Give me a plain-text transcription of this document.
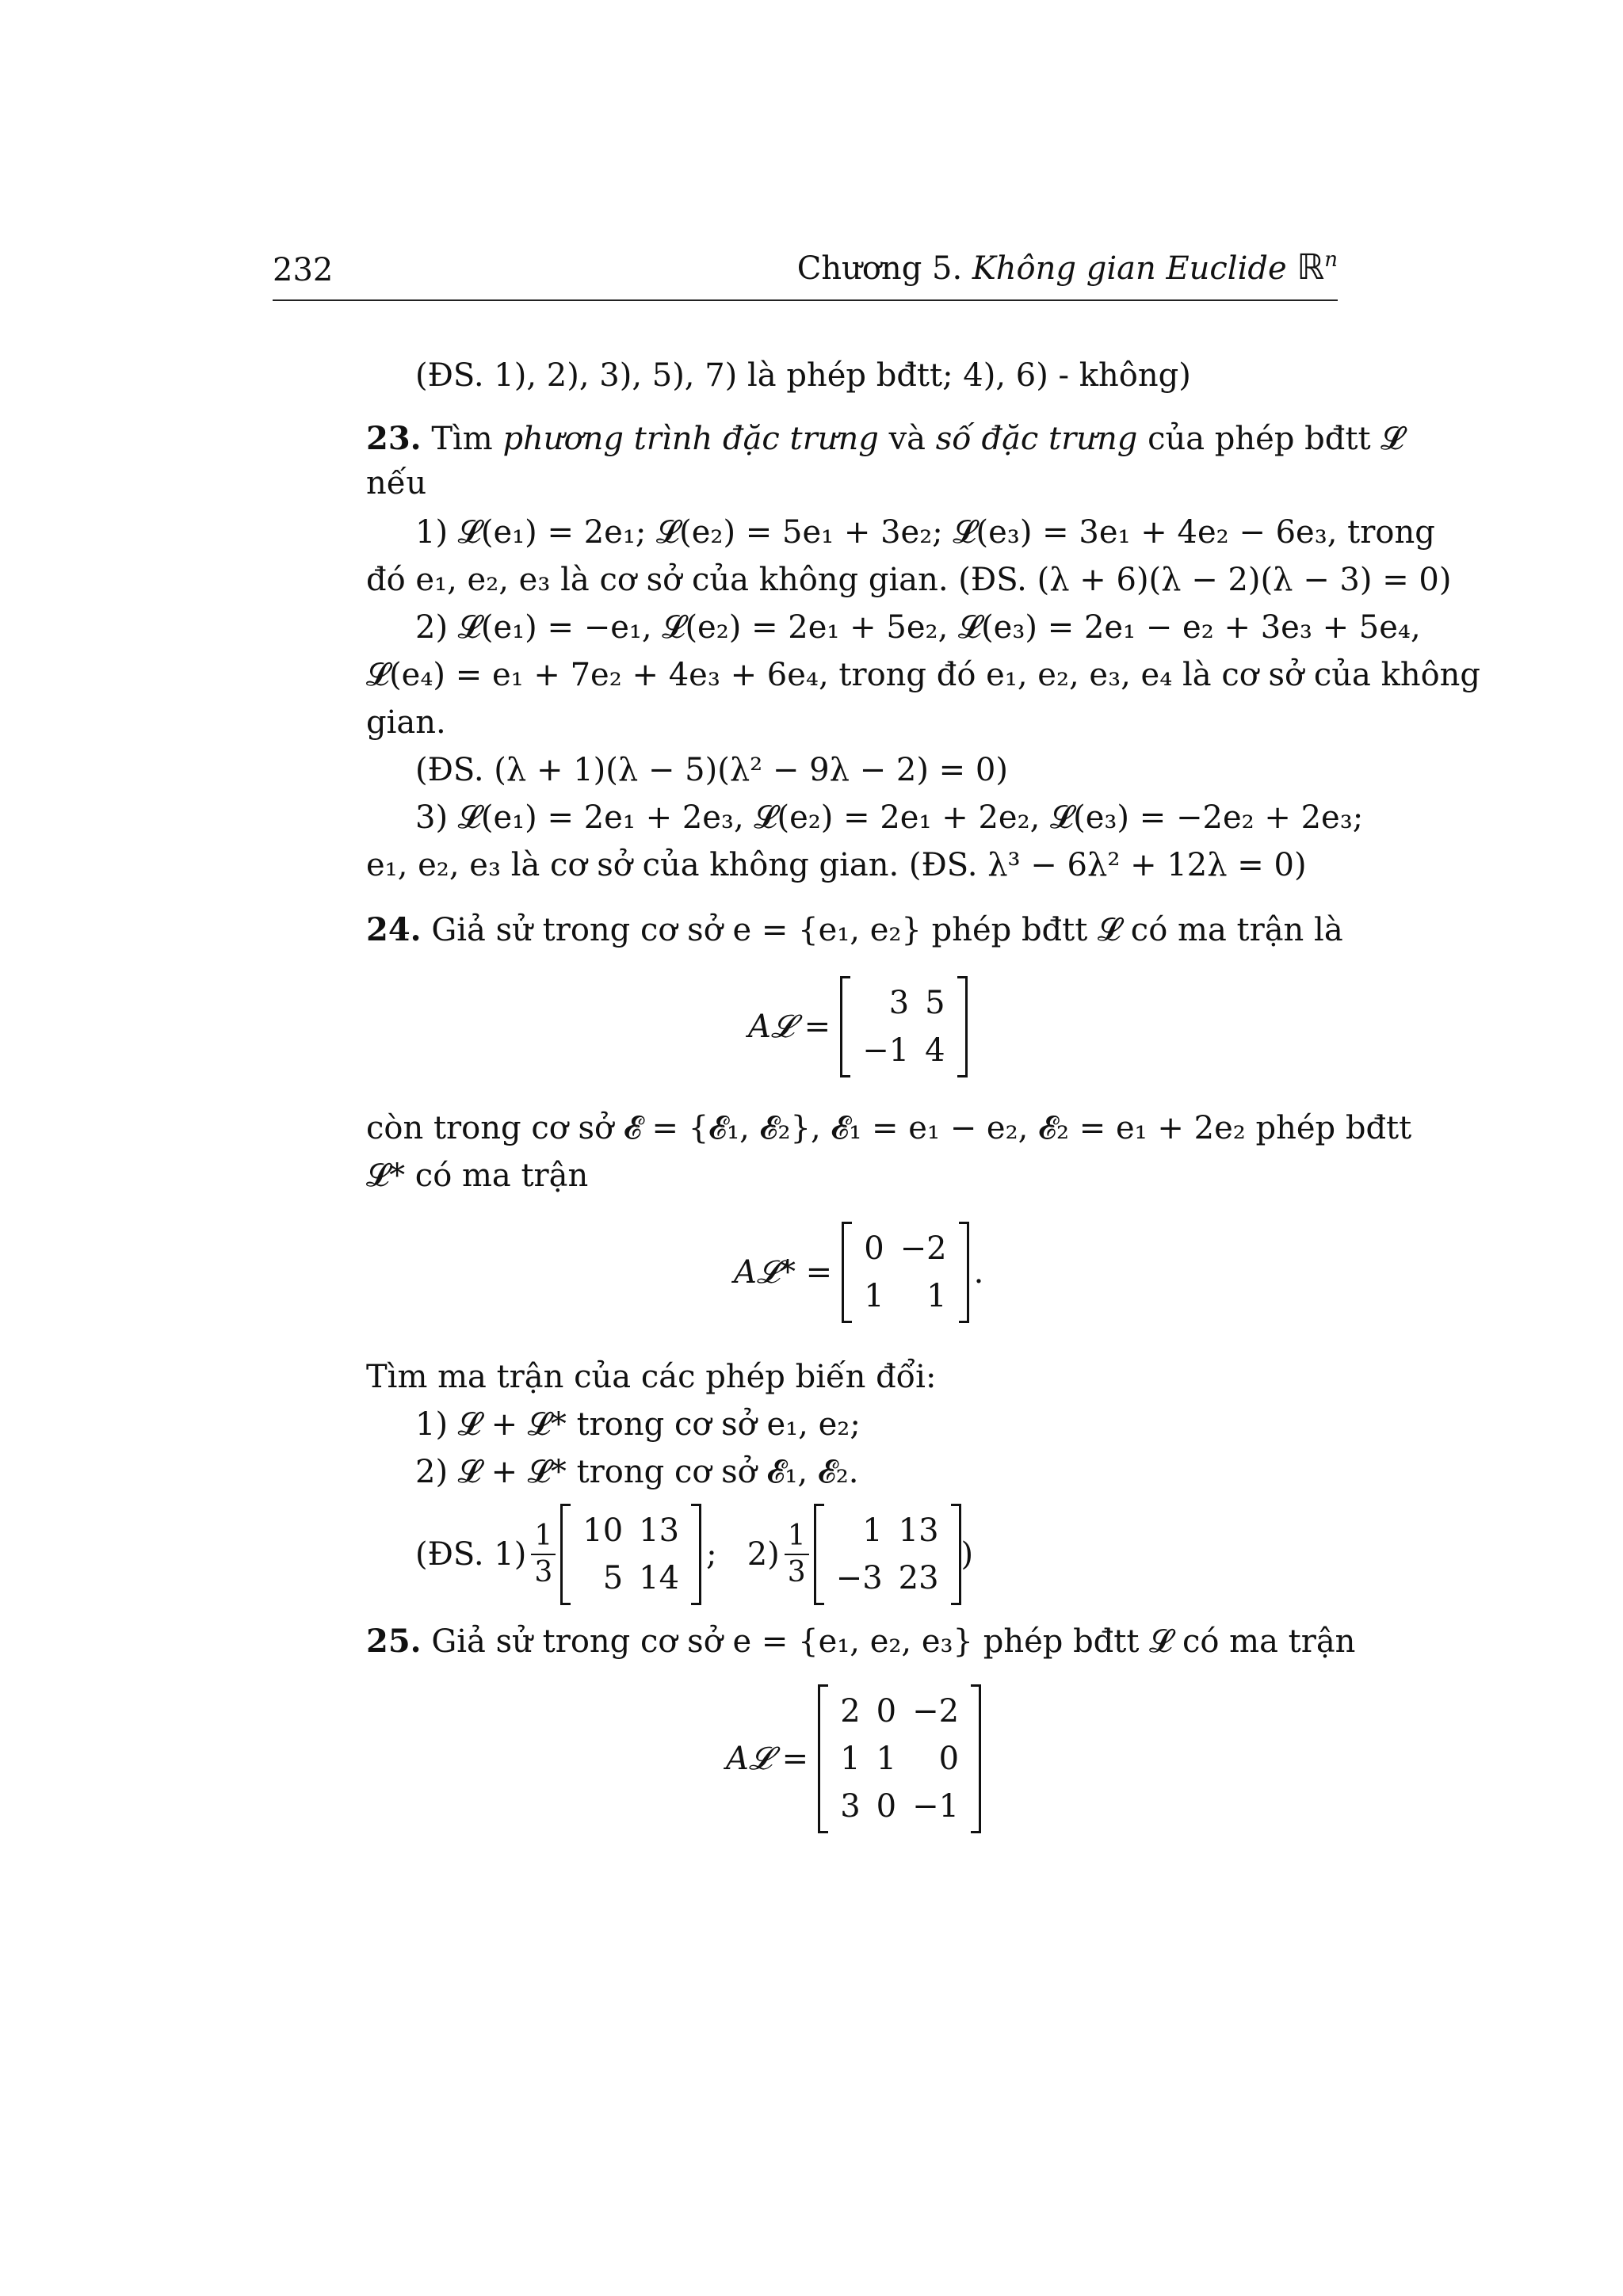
232	Chương 5. Không gian Euclide ℝ$^n$
(ĐS. 1), 2), 3), 5), 7) là phép bđtt; 4), 6) - không)
23. Tìm phương trình đặc trưng và số đặc trưng của phép bđtt 𝓛
nếu
1) 𝓛(e₁) = 2e₁; 𝓛(e₂) = 5e₁ + 3e₂; 𝓛(e₃) = 3e₁ + 4e₂ − 6e₃, trong
đó e₁, e₂, e₃ là cơ sở của không gian. (ĐS. (λ + 6)(λ − 2)(λ − 3) = 0)
2) 𝓛(e₁) = −e₁, 𝓛(e₂) = 2e₁ + 5e₂, 𝓛(e₃) = 2e₁ − e₂ + 3e₃ + 5e₄,
𝓛(e₄) = e₁ + 7e₂ + 4e₃ + 6e₄, trong đó e₁, e₂, e₃, e₄ là cơ sở của không
gian.
(ĐS. (λ + 1)(λ − 5)(λ² − 9λ − 2) = 0)
3) 𝓛(e₁) = 2e₁ + 2e₃, 𝓛(e₂) = 2e₁ + 2e₂, 𝓛(e₃) = −2e₂ + 2e₃;
e₁, e₂, e₃ là cơ sở của không gian. (ĐS. λ³ − 6λ² + 12λ = 0)
24. Giả sử trong cơ sở e = {e₁, e₂} phép bđtt 𝓛 có ma trận là
A𝓛 =
3 5
−1 4
còn trong cơ sở 𝓔 = {𝓔₁, 𝓔₂}, 𝓔₁ = e₁ − e₂, 𝓔₂ = e₁ + 2e₂ phép bđtt
𝓛* có ma trận
A𝓛* =
0 −2
1	1
.
Tìm ma trận của các phép biến đổi:
1) 𝓛 + 𝓛* trong cơ sở e₁, e₂;
2) 𝓛 + 𝓛* trong cơ sở 𝓔₁, 𝓔₂.
(ĐS. $1) \frac{1}{3} 10$ 13
5 14
;   $2) \frac{1}{3}$	1 13
−3 23
)
25. Giả sử trong cơ sở e = {e₁, e₂, e₃} phép bđtt 𝓛 có ma trận
A𝓛 =
2 0 −2
1 1	0
3 0 −1
